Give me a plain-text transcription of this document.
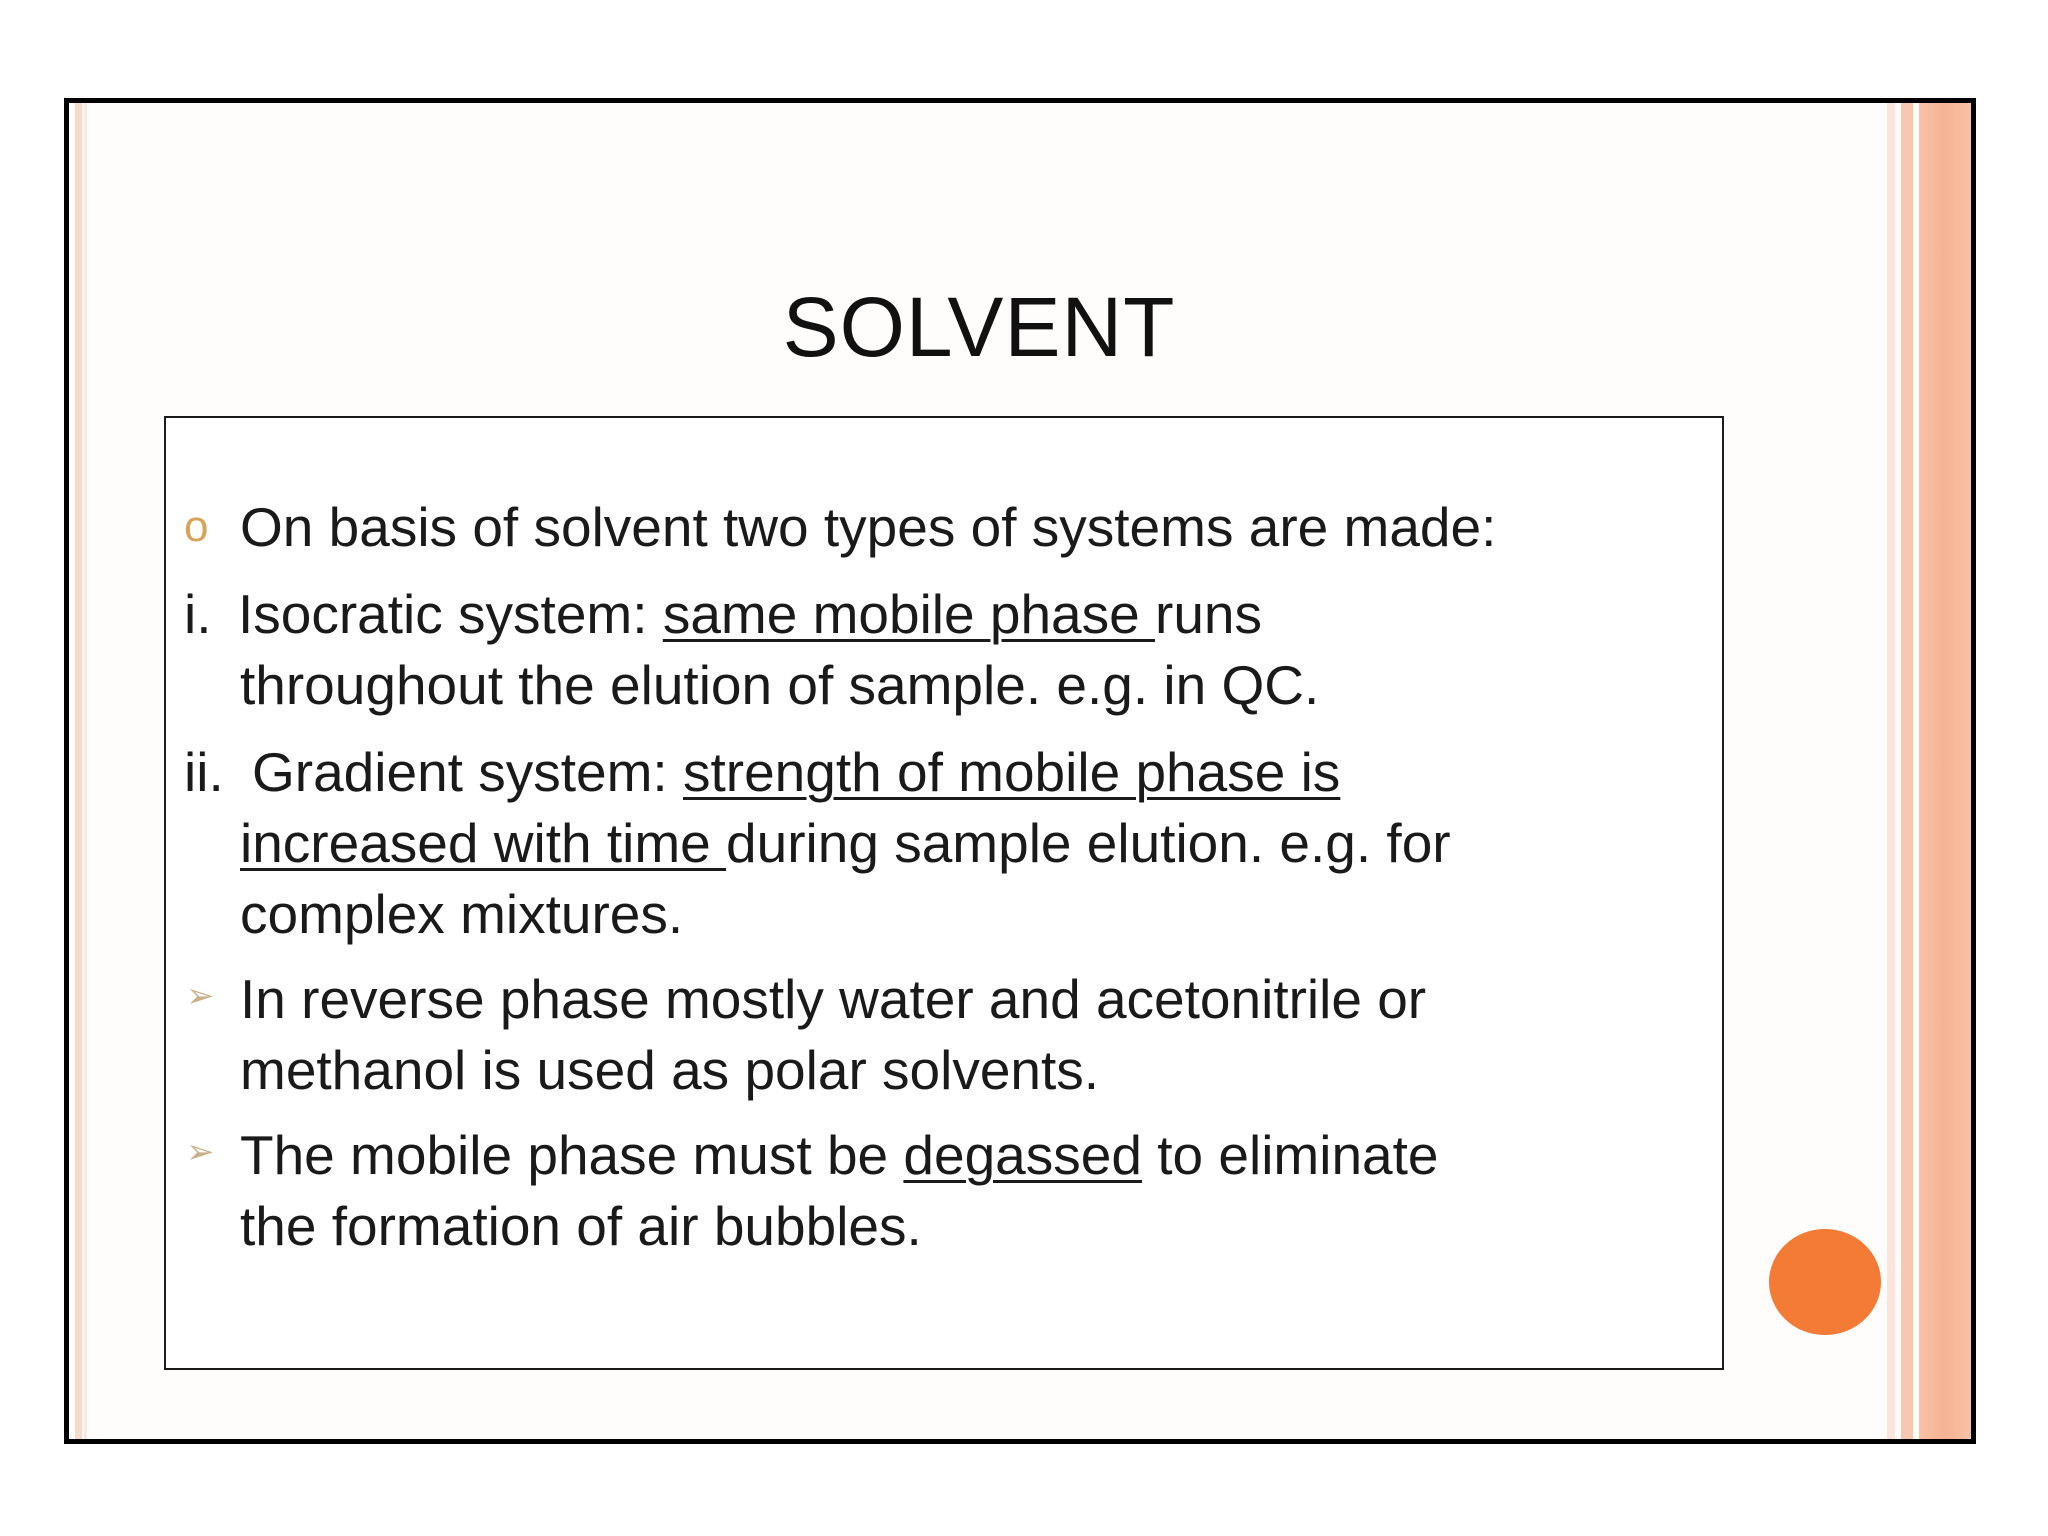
SOLVENT
o On basis of solvent two types of systems are made:
i. Isocratic system: same mobile phase runs
throughout the elution of sample. e.g. in QC.
ii. Gradient system: strength of mobile phase is
increased with time during sample elution. e.g. for
complex mixtures.
➢ In reverse phase mostly water and acetonitrile or
methanol is used as polar solvents.
➢ The mobile phase must be degassed to eliminate
the formation of air bubbles.
